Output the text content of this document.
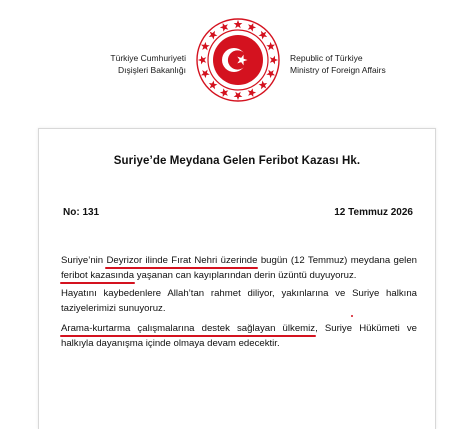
Türkiye Cumhuriyeti
Dışişleri Bakanlığı
Republic of Türkiye
Ministry of Foreign Affairs
Suriye’de Meydana Gelen Feribot Kazası Hk.
No: 131	12 Temmuz 2026
Suriye’nin Deyrizor ilinde Fırat Nehri üzerinde bugün (12 Temmuz) meydana gelen feribot kazasında yaşanan can kayıplarından derin üzüntü duyuyoruz.
Hayatını kaybedenlere Allah’tan rahmet diliyor, yakınlarına ve Suriye halkına taziyelerimizi sunuyoruz.
Arama-kurtarma çalışmalarına destek sağlayan ülkemiz, Suriye Hükümeti ve halkıyla dayanışma içinde olmaya devam edecektir.
